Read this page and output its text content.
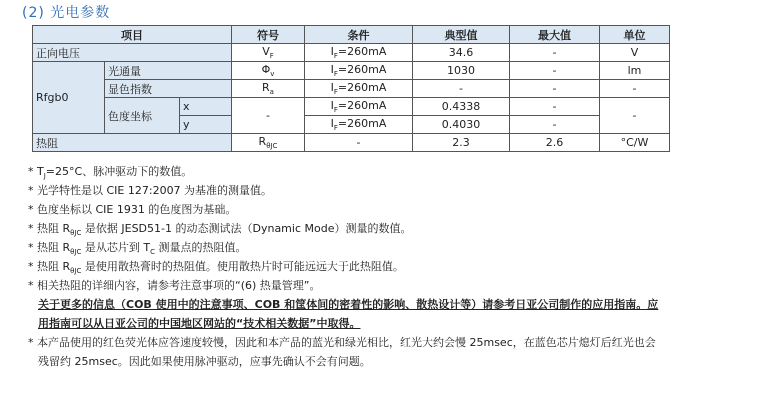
(2) 光电参数
项目			符号	条件	典型值	最大值	单位
正向电压			$V_F$	$I_F=260mA$	34.6	-	V
Rfgb0	光通量		$\Phi_v$	$I_F=260mA$	1030	-	lm
	显色指数		$R_a$	$I_F=260mA$	-	-	-
	色度坐标	x	-	$I_F=260mA$	0.4338	-	-
		y		$I_F=260mA$	0.4030	-	
热阻			$R_{\theta JC}$	-	2.3	2.6	°C/W
* $T_J=25^\circ C$、脉冲驱动下的数值。
* 光学特性是以 CIE 127:2007 为基准的测量值。
* 色度坐标以 CIE 1931 的色度图为基础。
* 热阻 $R_{\theta JC}$ 是依据 JESD51-1 的动态测试法（Dynamic Mode）测量的数值。
* 热阻 $R_{\theta JC}$ 是从芯片到 $T_C$ 测量点的热阻值。
* 热阻 $R_{\theta JC}$ 是使用散热膏时的热阻值。使用散热片时可能远远大于此热阻值。
* 相关热阻的详细内容，请参考注意事项的“(6) 热量管理”。
关于更多的信息（COB 使用中的注意事项、COB 和筐体间的密着性的影响、散热设计等）请参考日亚公司制作的应用指南。应
用指南可以从日亚公司的中国地区网站的“技术相关数据”中取得。
* 本产品使用的红色荧光体应答速度较慢，因此和本产品的蓝光和绿光相比，红光大约会慢 25msec，在蓝色芯片熄灯后红光也会
残留约 25msec。因此如果使用脉冲驱动，应事先确认不会有问题。
